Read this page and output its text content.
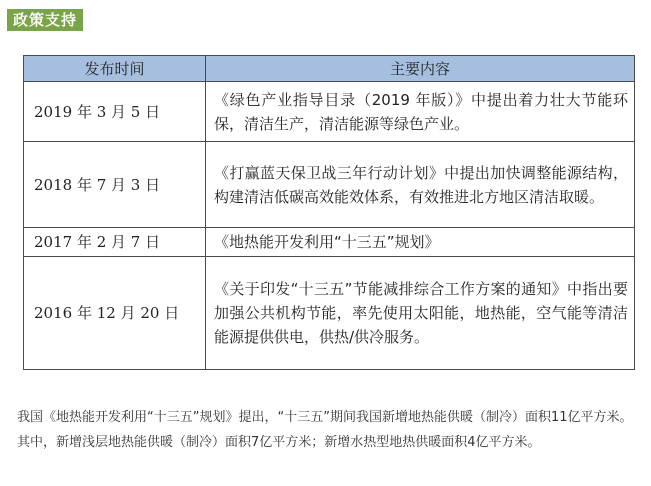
政策支持
发布时间	主要内容
2019 年 3 月 5 日	《绿色产业指导目录（2019 年版）》中提出着力壮大节能环保，清洁生产，清洁能源等绿色产业。
2018 年 7 月 3 日	《打赢蓝天保卫战三年行动计划》中提出加快调整能源结构，构建清洁低碳高效能效体系，有效推进北方地区清洁取暖。
2017 年 2 月 7 日	《地热能开发利用“十三五”规划》
2016 年 12 月 20 日	《关于印发“十三五”节能减排综合工作方案的通知》中指出要加强公共机构节能，率先使用太阳能，地热能，空气能等清洁能源提供供电，供热/供冷服务。

我国《地热能开发利用“十三五”规划》提出，“十三五”期间我国新增地热能供暖（制冷）面积11亿平方米。其中，新增浅层地热能供暖（制冷）面积7亿平方米；新增水热型地热供暖面积4亿平方米。
